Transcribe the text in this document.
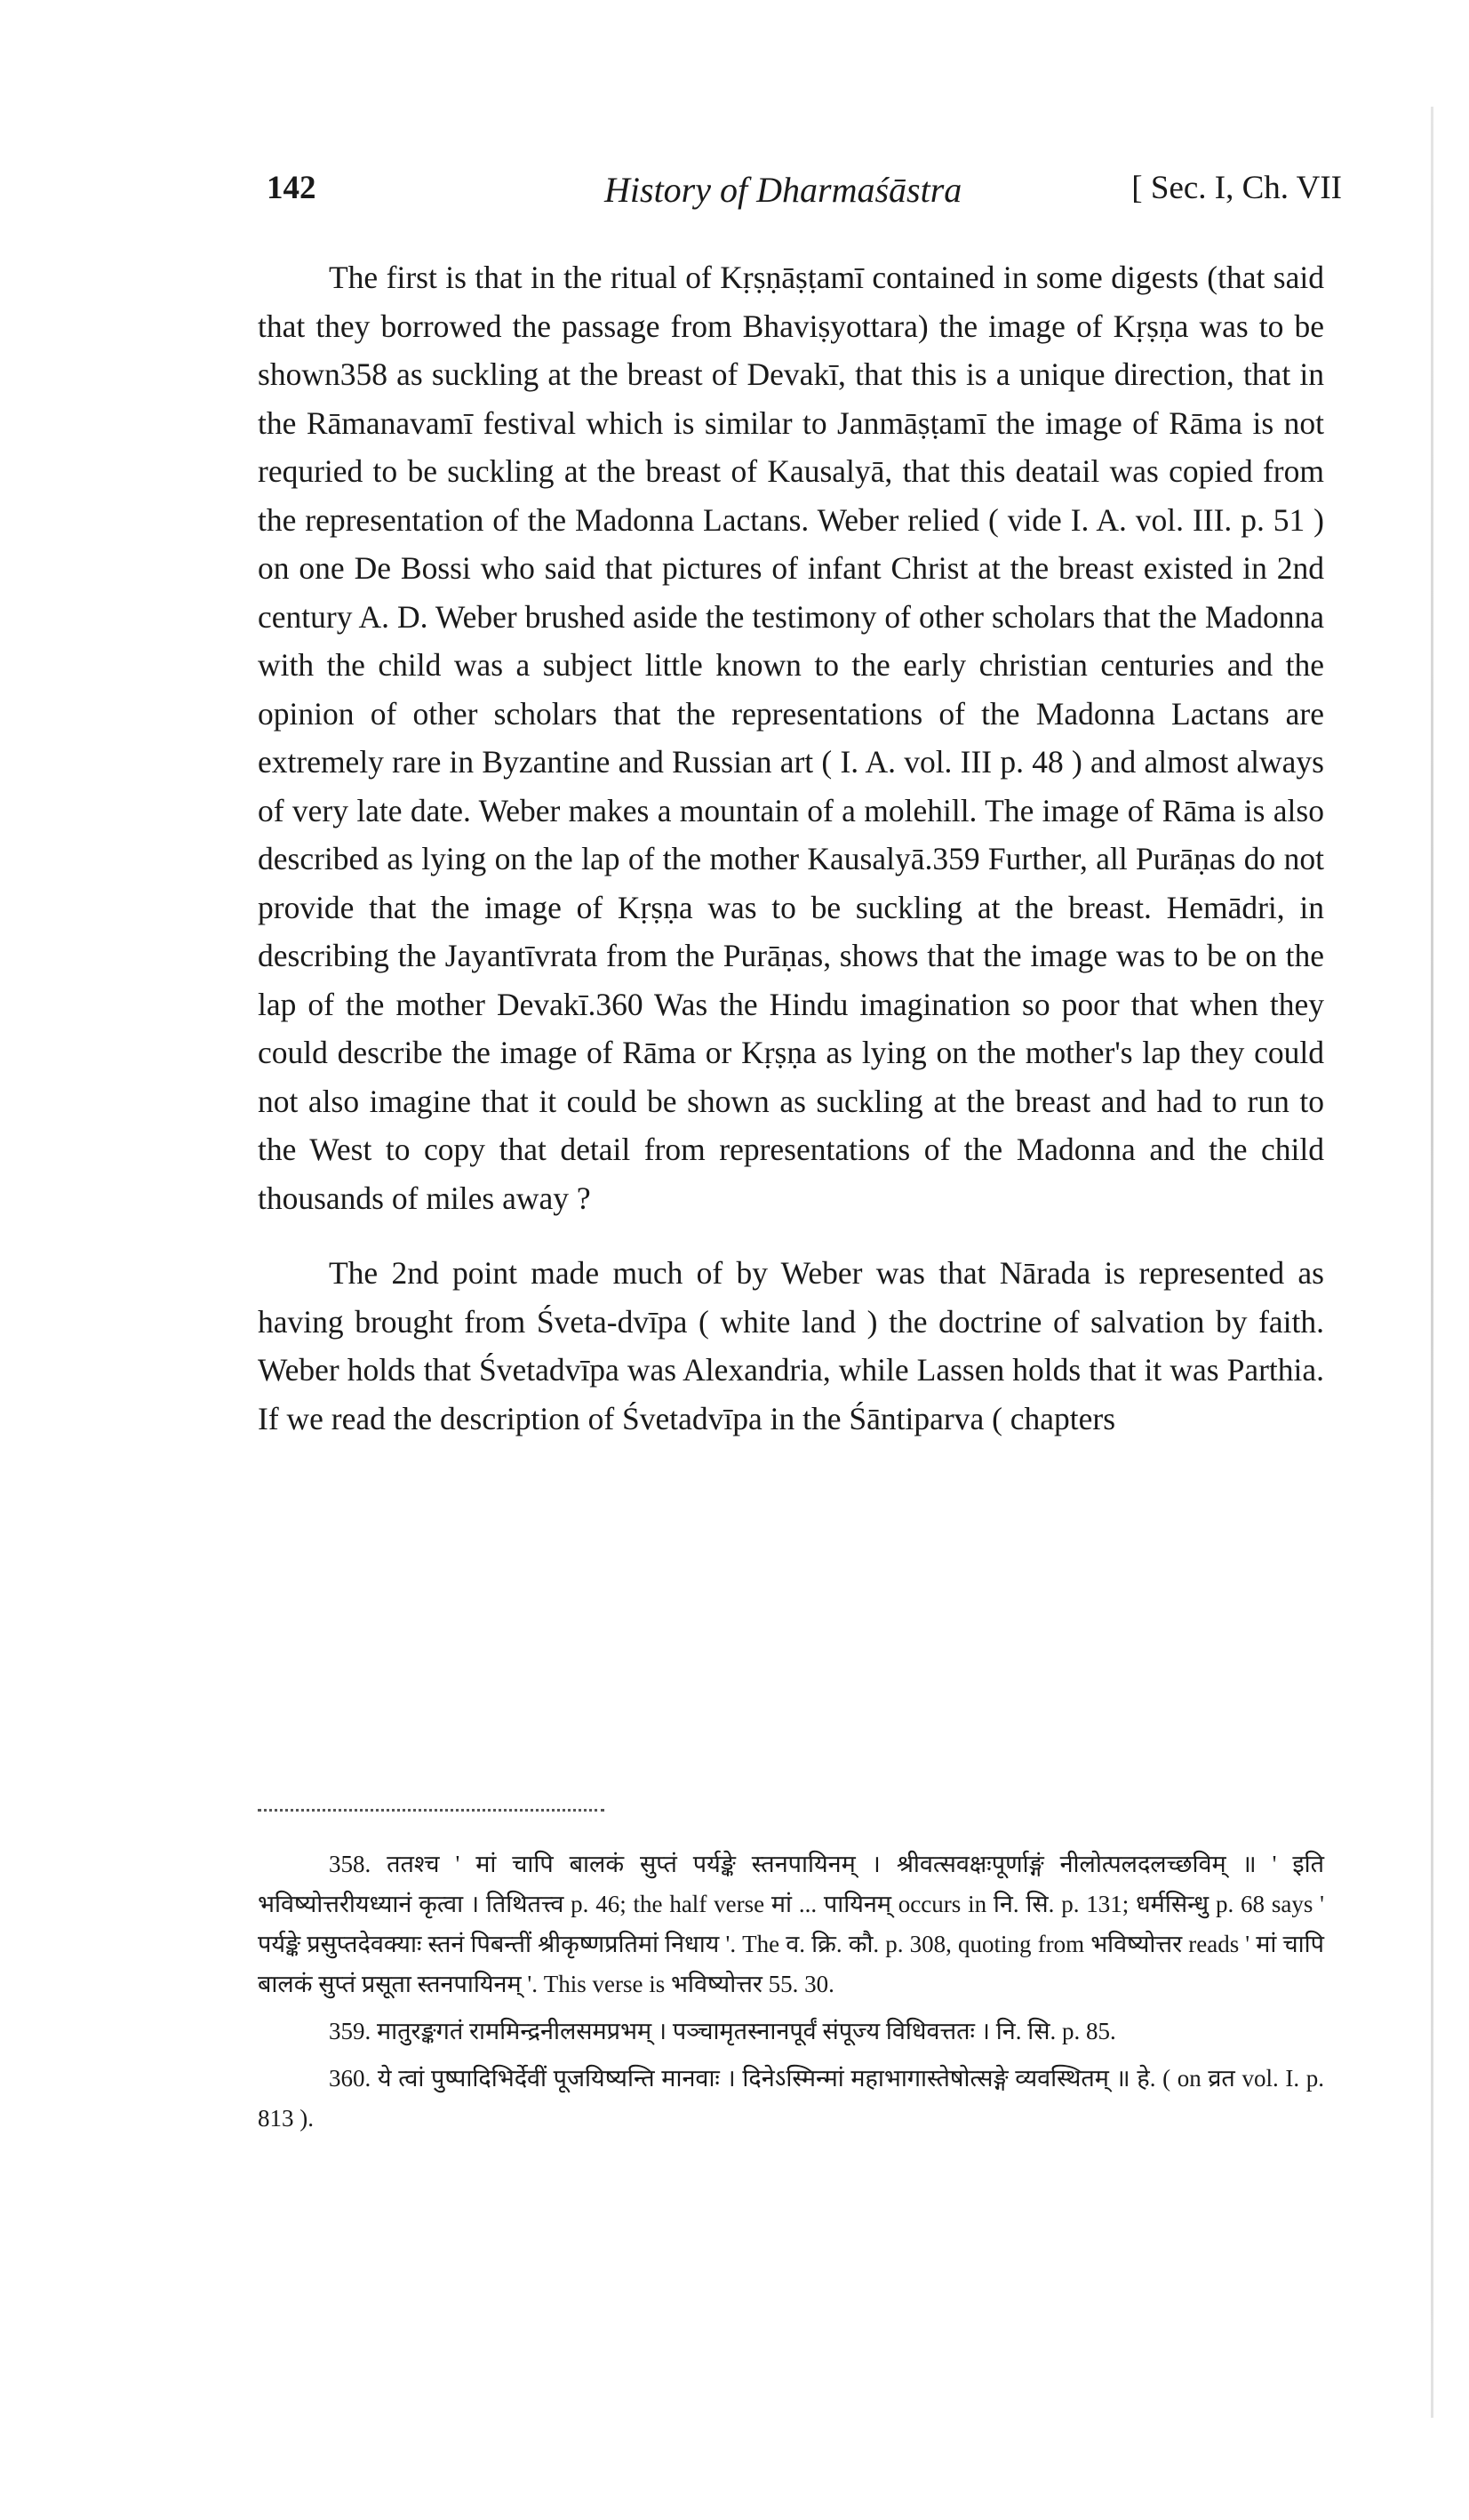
142	History of Dharmaśāstra	[ Sec. I, Ch. VII

The first is that in the ritual of Kṛṣṇāṣṭamī contained in some digests (that said that they borrowed the passage from Bhaviṣyottara) the image of Kṛṣṇa was to be shown358 as suckling at the breast of Devakī, that this is a unique direction, that in the Rāmanavamī festival which is similar to Janmāṣṭamī the image of Rāma is not requried to be suckling at the breast of Kausalyā, that this deatail was copied from the representation of the Madonna Lactans. Weber relied ( vide I. A. vol. III. p. 51 ) on one De Bossi who said that pictures of infant Christ at the breast existed in 2nd century A. D. Weber brushed aside the testimony of other scholars that the Madonna with the child was a subject little known to the early christian centuries and the opinion of other scholars that the representations of the Madonna Lactans are extremely rare in Byzantine and Russian art ( I. A. vol. III p. 48 ) and almost always of very late date. Weber makes a mountain of a molehill. The image of Rāma is also described as lying on the lap of the mother Kausalyā.359 Further, all Purāṇas do not provide that the image of Kṛṣṇa was to be suckling at the breast. Hemādri, in describing the Jayantīvrata from the Purāṇas, shows that the image was to be on the lap of the mother Devakī.360 Was the Hindu imagination so poor that when they could describe the image of Rāma or Kṛṣṇa as lying on the mother's lap they could not also imagine that it could be shown as suckling at the breast and had to run to the West to copy that detail from representations of the Madonna and the child thousands of miles away ?

The 2nd point made much of by Weber was that Nārada is represented as having brought from Śveta-dvīpa ( white land ) the doctrine of salvation by faith. Weber holds that Śvetadvīpa was Alexandria, while Lassen holds that it was Parthia. If we read the description of Śvetadvīpa in the Śāntiparva ( chapters

358. ततश्च ' मां चापि बालकं सुप्तं पर्यङ्के स्तनपायिनम् । श्रीवत्सवक्षःपूर्णाङ्गं नीलोत्पलदलच्छविम् ॥ ' इति भविष्योत्तरीयध्यानं कृत्वा । तिथितत्त्व p. 46; the half verse मां ... पायिनम् occurs in नि. सि. p. 131; धर्मसिन्धु p. 68 says ' पर्यङ्के प्रसुप्तदेवक्याः स्तनं पिबन्तीं श्रीकृष्णप्रतिमां निधाय '. The व. क्रि. कौ. p. 308, quoting from भविष्योत्तर reads ' मां चापि बालकं सुप्तं प्रसूता स्तनपायिनम् '. This verse is भविष्योत्तर 55. 30.

359. मातुरङ्कगतं राममिन्द्रनीलसमप्रभम् । पञ्चामृतस्नानपूर्वं संपूज्य विधिवत्ततः । नि. सि. p. 85.

360. ये त्वां पुष्पादिभिर्देवीं पूजयिष्यन्ति मानवाः । दिनेऽस्मिन्मां महाभागास्तेषोत्सङ्गे व्यवस्थितम् ॥ हे. ( on व्रत vol. I. p. 813 ).
